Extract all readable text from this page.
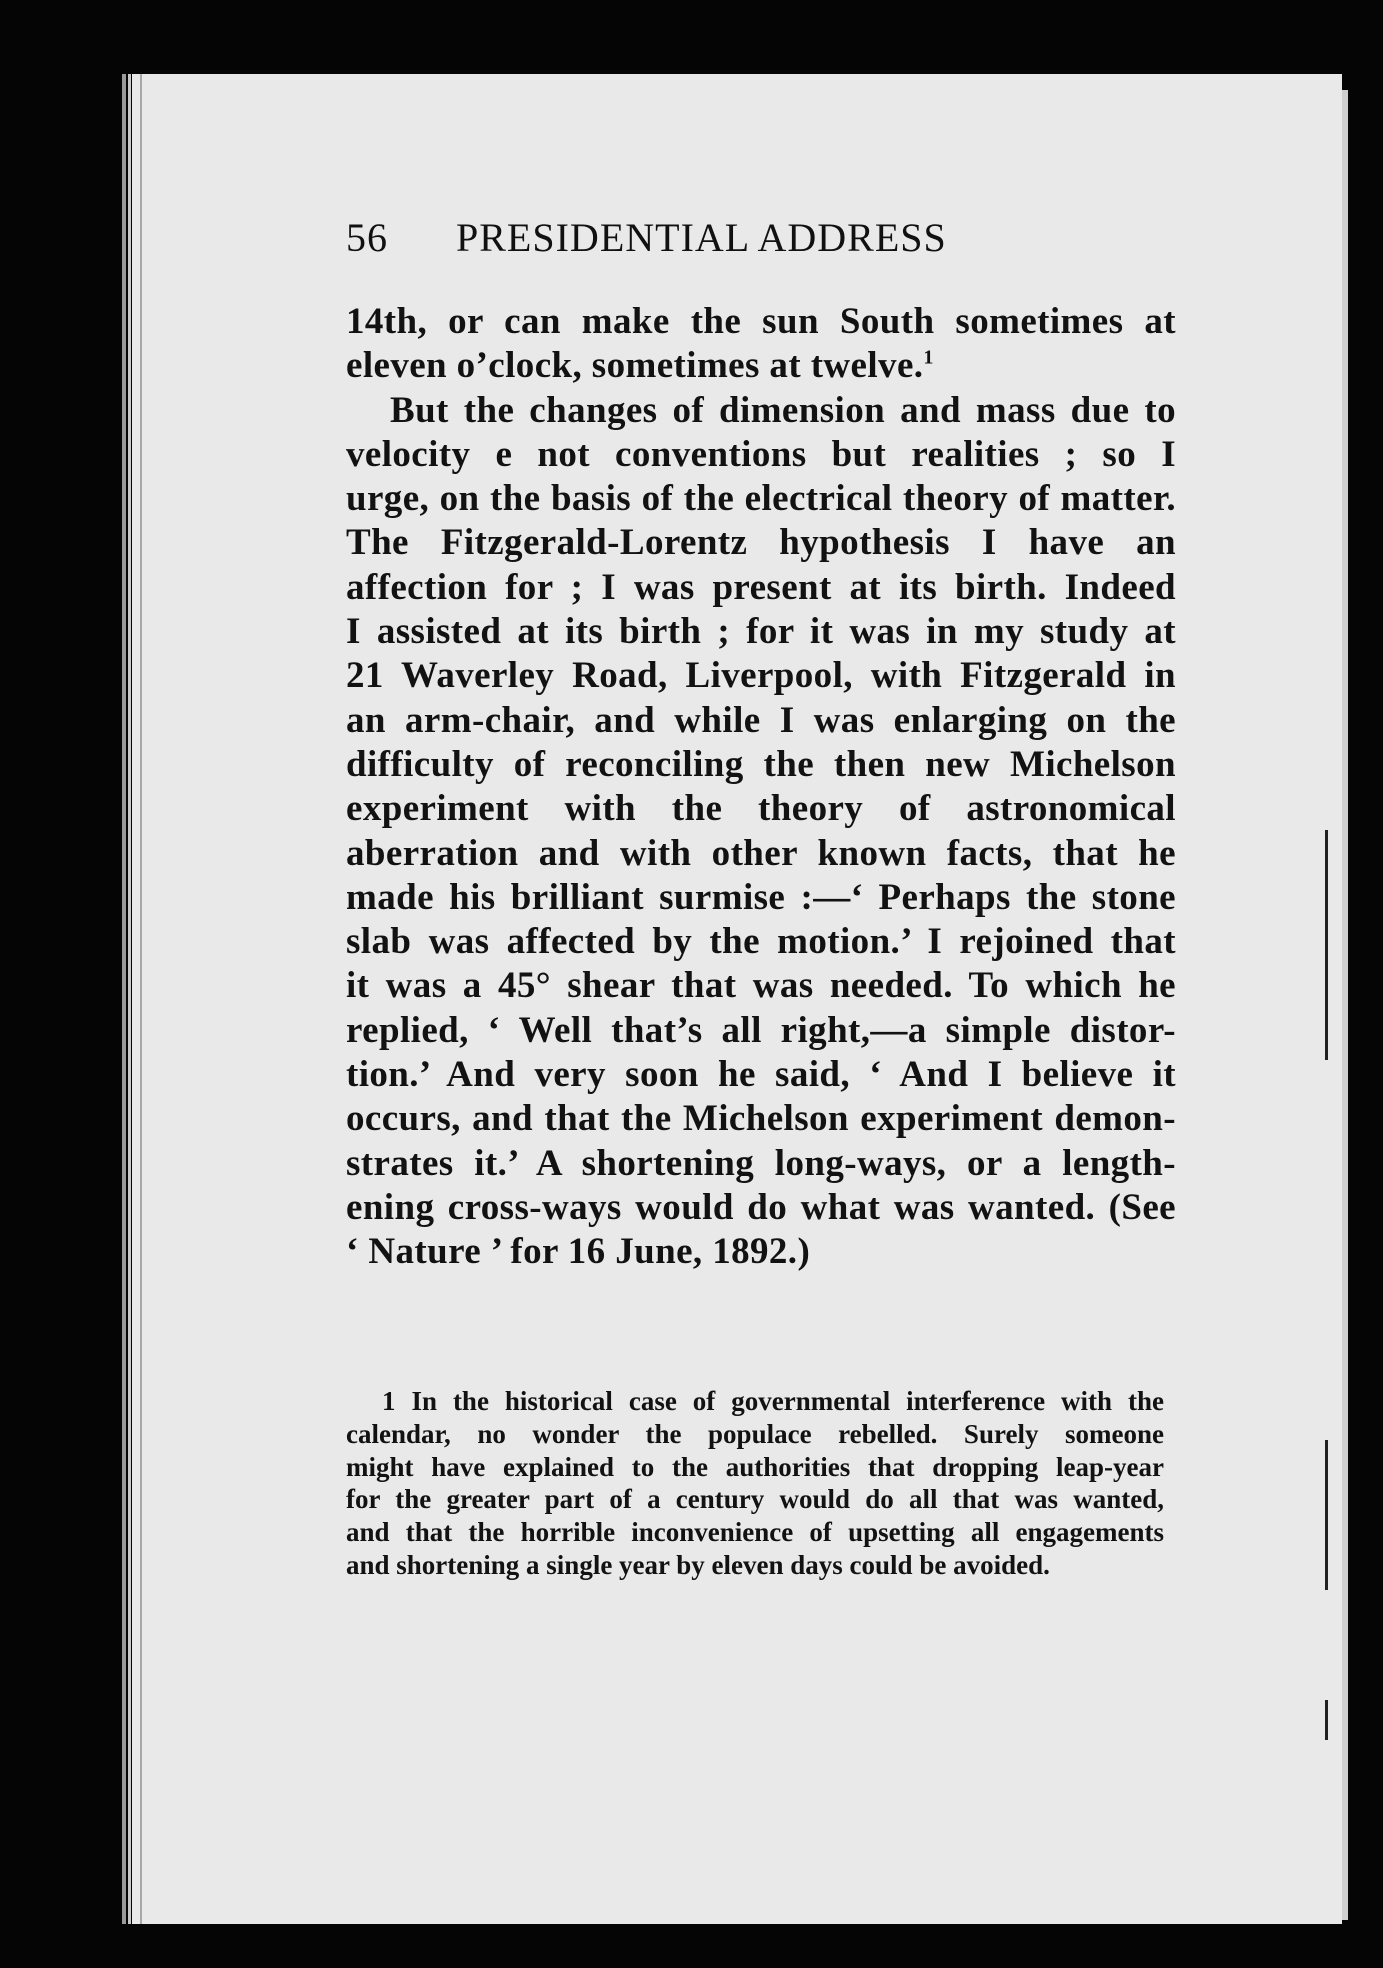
56 PRESIDENTIAL ADDRESS
14th, or can make the sun South sometimes at
eleven o’clock, sometimes at twelve.$^1$
But the changes of dimension and mass due to
velocity e not conventions but realities ; so I
urge, on the basis of the electrical theory of matter.
The Fitzgerald-Lorentz hypothesis I have an
affection for ; I was present at its birth. Indeed
I assisted at its birth ; for it was in my study at
21 Waverley Road, Liverpool, with Fitzgerald in
an arm-chair, and while I was enlarging on the
difficulty of reconciling the then new Michelson
experiment with the theory of astronomical
aberration and with other known facts, that he
made his brilliant surmise :—‘ Perhaps the stone
slab was affected by the motion.’ I rejoined that
it was a 45° shear that was needed. To which he
replied, ‘ Well that’s all right,—a simple distor-
tion.’ And very soon he said, ‘ And I believe it
occurs, and that the Michelson experiment demon-
strates it.’ A shortening long-ways, or a length-
ening cross-ways would do what was wanted. (See
‘ Nature ’ for 16 June, 1892.)
1 In the historical case of governmental interference with the
calendar, no wonder the populace rebelled. Surely someone
might have explained to the authorities that dropping leap-year
for the greater part of a century would do all that was wanted,
and that the horrible inconvenience of upsetting all engagements
and shortening a single year by eleven days could be avoided.
